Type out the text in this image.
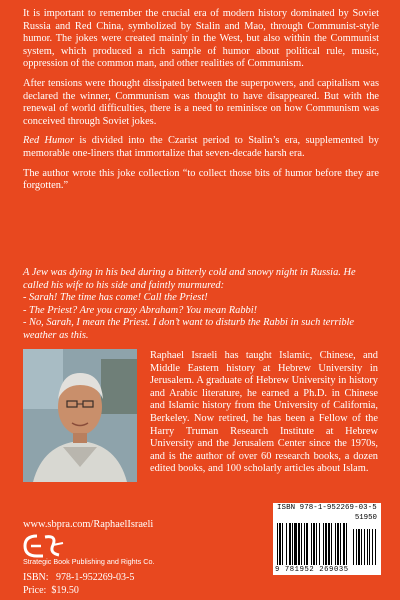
It is important to remember the crucial era of modern history dominated by Soviet Russia and Red China, symbolized by Stalin and Mao, through Communist-style humor. The jokes were created mainly in the West, but also within the Communist system, which produced a rich sample of humor about political rule, music, oppression of the common man, and other realities of Communism.

After tensions were thought dissipated between the superpowers, and capitalism was declared the winner, Communism was thought to have disappeared. But with the renewal of world difficulties, there is a need to reminisce on how Communism was conceived through Soviet jokes.

Red Humor is divided into the Czarist period to Stalin’s era, supplemented by memorable one-liners that immortalize that seven-decade harsh era.

The author wrote this joke collection “to collect those bits of humor before they are forgotten.”

A Jew was dying in his bed during a bitterly cold and snowy night in Russia. He called his wife to his side and faintly murmured:

- Sarah! The time has come! Call the Priest!

- The Priest? Are you crazy Abraham? You mean Rabbi!

- No, Sarah, I mean the Priest. I don’t want to disturb the Rabbi in such terrible weather as this.

Raphael Israeli has taught Islamic, Chinese, and Middle Eastern history at Hebrew University in Jerusalem. A graduate of Hebrew University in history and Arabic literature, he earned a Ph.D. in Chinese and Islamic history from the University of California, Berkeley. Now retired, he has been a Fellow of the Harry Truman Research Institute at Hebrew University and the Jerusalem Center since the 1970s, and is the author of over 60 research books, a dozen edited books, and 100 scholarly articles about Islam.
www.sbpra.com/RaphaelIsraeli
Strategic Book Publishing and Rights Co.
ISBN:   978-1-952269-03-5
Price:  $19.50
ISBN 978-1-952269-03-5
51950
9 781952 269035
